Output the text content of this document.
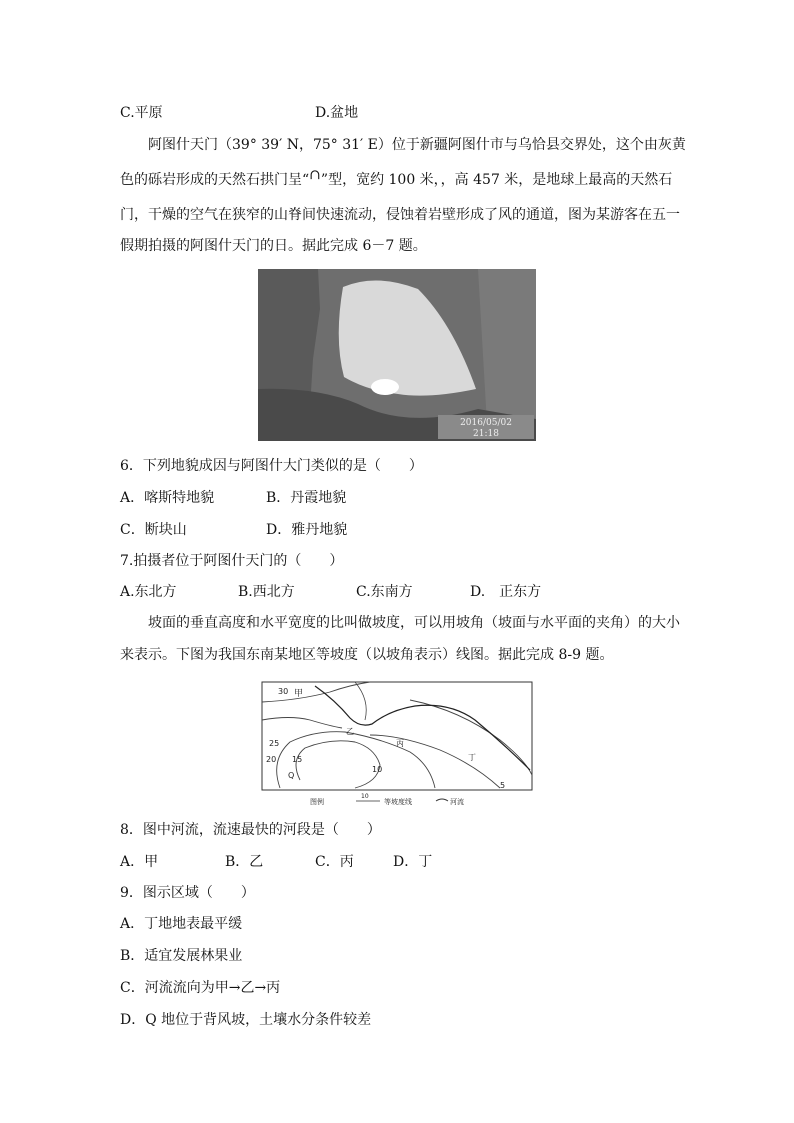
C.平原	D.盆地
阿图什天门（39° 39′ N，75° 31′ E）位于新疆阿图什市与乌恰县交界处，这个由灰黄
色的砾岩形成的天然石拱门呈“∩”型，宽约 100 米，，高 457 米，是地球上最高的天然石
门，干燥的空气在狭窄的山脊间快速流动，侵蚀着岩壁形成了风的通道，图为某游客在五一
假期拍摄的阿图什天门的日。据此完成 6－7 题。
2016/05/02
21:18
6．下列地貌成因与阿图什大门类似的是（　　）
A．喀斯特地貌	B．丹霞地貌
C．断块山	D．雅丹地貌
7.拍摄者位于阿图什天门的（　　）
A.东北方	B.西北方	C.东南方	D.　正东方
坡面的垂直高度和水平宽度的比叫做坡度，可以用坡角（坡面与水平面的夹角）的大小
来表示。下图为我国东南某地区等坡度（以坡角表示）线图。据此完成 8-9 题。
30 甲
乙
丙
丁
25
20 15
Q
10
5
图例
10
等坡度线	河流
8．图中河流，流速最快的河段是（　　）
A．甲	B．乙	C．丙	D．丁
9．图示区域（　　）
A．丁地地表最平缓
B．适宜发展林果业
C．河流流向为甲→乙→丙
D．Q 地位于背风坡，土壤水分条件较差
